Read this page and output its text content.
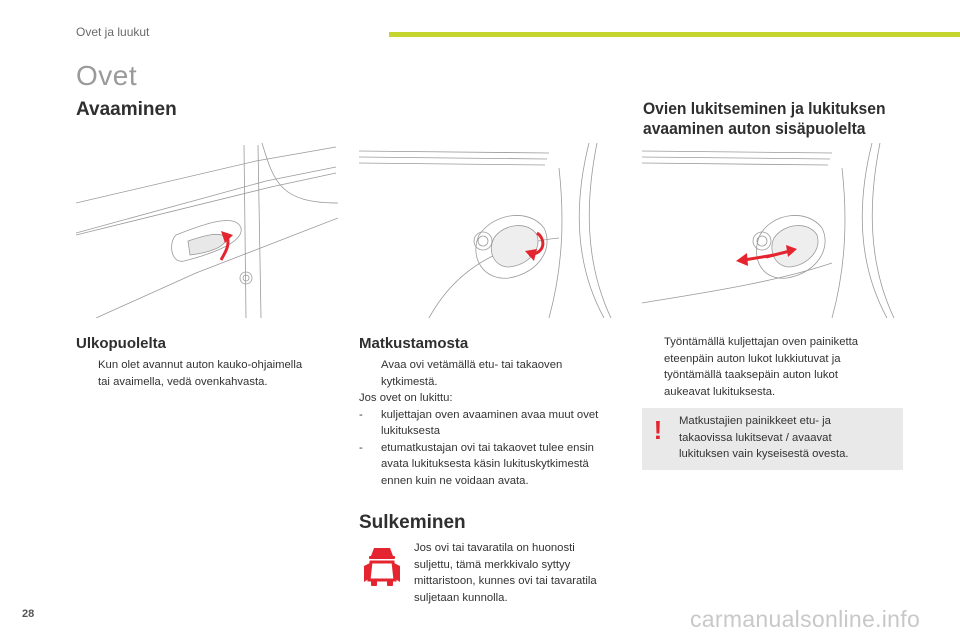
Ovet ja luukut
Ovet
Avaaminen	Ovien lukitseminen ja lukituksen
avaaminen auton sisäpuolelta
Ulkopuolelta
Kun olet avannut auton kauko-ohjaimella
tai avaimella, vedä ovenkahvasta.
Matkustamosta
Avaa ovi vetämällä etu- tai takaoven
kytkimestä.
Jos ovet on lukittu:
- kuljettajan oven avaaminen avaa muut ovet
lukituksesta
- etumatkustajan ovi tai takaovet tulee ensin
avata lukituksesta käsin lukituskytkimestä
ennen kuin ne voidaan avata.
Työntämällä kuljettajan oven painiketta
eteenpäin auton lukot lukkiutuvat ja
työntämällä taaksepäin auton lukot
aukeavat lukituksesta.
!	Matkustajien painikkeet etu- ja
takaovissa lukitsevat / avaavat
lukituksen vain kyseisestä ovesta.
Sulkeminen
Jos ovi tai tavaratila on huonosti
suljettu, tämä merkkivalo syttyy
mittaristoon, kunnes ovi tai tavaratila
suljetaan kunnolla.
28	carmanualsonline.info
